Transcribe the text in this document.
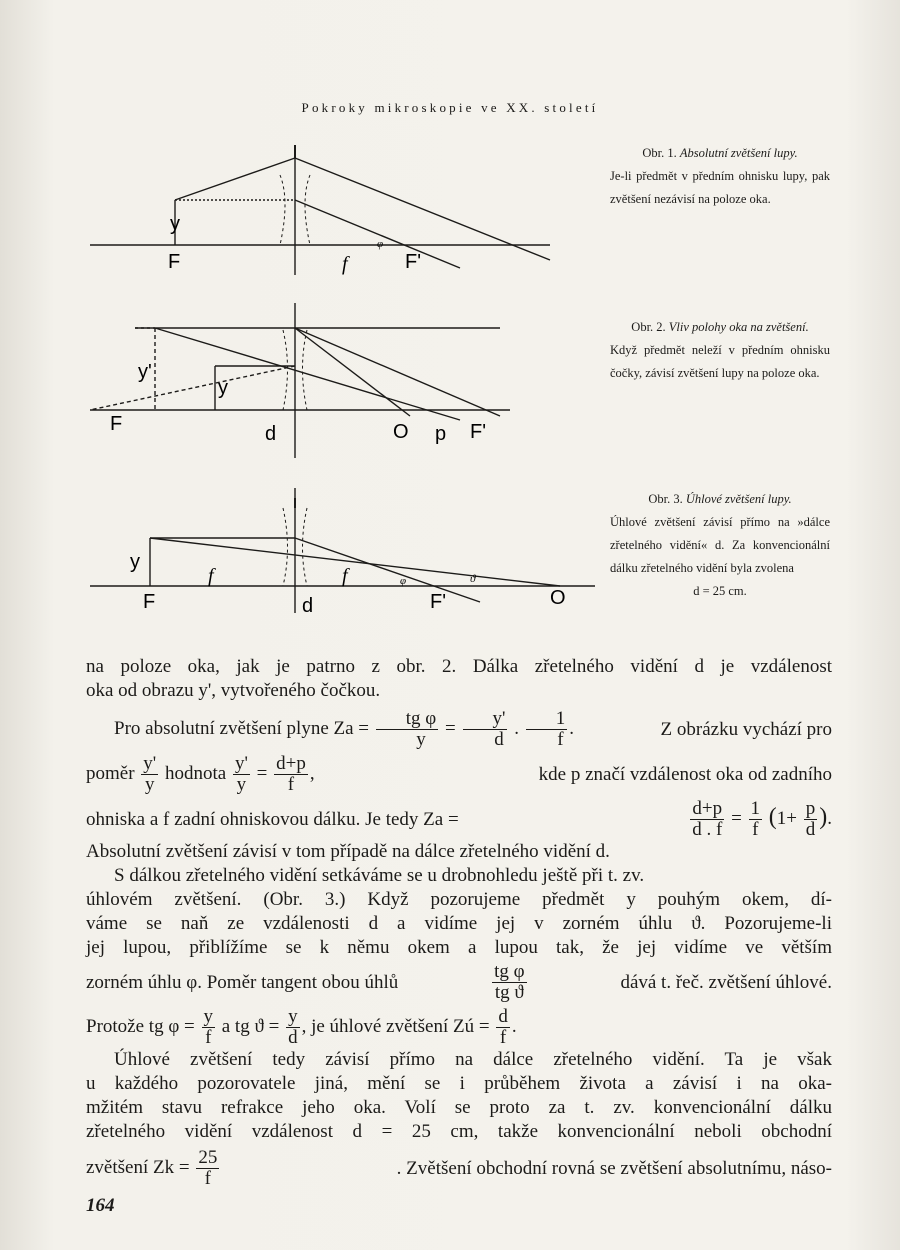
Pokroky mikroskopie ve XX. století
y
F	f	F'
φ
Obr. 1. Absolutní zvětšení lupy.
Je-li předmět v předním ohnisku lupy, pak zvětšení nezávisí na poloze oka.
y'
y
F	d	O p F'
Obr. 2. Vliv polohy oka na zvětšení.
Když předmět neleží v předním ohnisku čočky, závisí zvětšení lupy na poloze oka.
y
f	f
F	d	F'	O
φ	ϑ
Obr. 3. Úhlové zvětšení lupy.
Úhlové zvětšení závisí přímo na »dálce zřetelného vidění« d. Za konvencionální dálku zřetelného vidění byla zvolena
d = 25 cm.
na poloze oka, jak je patrno z obr. 2. Dálka zřetelného vidění d je vzdálenost
oka od obrazu y', vytvořeného čočkou.
Pro absolutní zvětšení plyne $Za = \frac{\text{tg φ}}{y} = \frac{y'}{d}$ . $\frac{1}{f}$ .	Z obrázku vychází pro
poměr $\frac{y'}{y}$ hodnota $\frac{y'}{y} = \frac{d+p}{f}$ ,	kde p značí vzdálenost oka od zadního
ohniska a f zadní ohniskovou dálku. Je tedy Za =	$\frac{d+p}{d . f} = \frac{1}{f} (1+ \frac{p}{d}$ ).
Absolutní zvětšení závisí v tom případě na dálce zřetelného vidění d.
S dálkou zřetelného vidění setkáváme se u drobnohledu ještě při t. zv.
úhlovém zvětšení. (Obr. 3.) Když pozorujeme předmět y pouhým okem, dí-
váme se naň ze vzdálenosti d a vidíme jej v zorném úhlu ϑ. Pozorujeme-li
jej lupou, přiblížíme se k němu okem a lupou tak, že jej vidíme ve větším
zorném úhlu φ. Poměr tangent obou úhlů	$\frac{\text{tg φ}}{\text{tg ϑ}}$	dává t. řeč. zvětšení úhlové.
Protože tg $\varphi = \frac{y}{f}$ a tg $ϑ = \frac{y}{d}$ , je úhlové zvětšení Zú = $\frac{d}{f}$ .
Úhlové zvětšení tedy závisí přímo na dálce zřetelného vidění. Ta je však
u každého pozorovatele jiná, mění se i průběhem života a závisí i na oka-
mžitém stavu refrakce jeho oka. Volí se proto za t. zv. konvencionální dálku
zřetelného vidění vzdálenost d = 25 cm, takže konvencionální neboli obchodní
zvětšení $Zk = \frac{25}{f}$	. Zvětšení obchodní rovná se zvětšení absolutnímu, náso-
164
